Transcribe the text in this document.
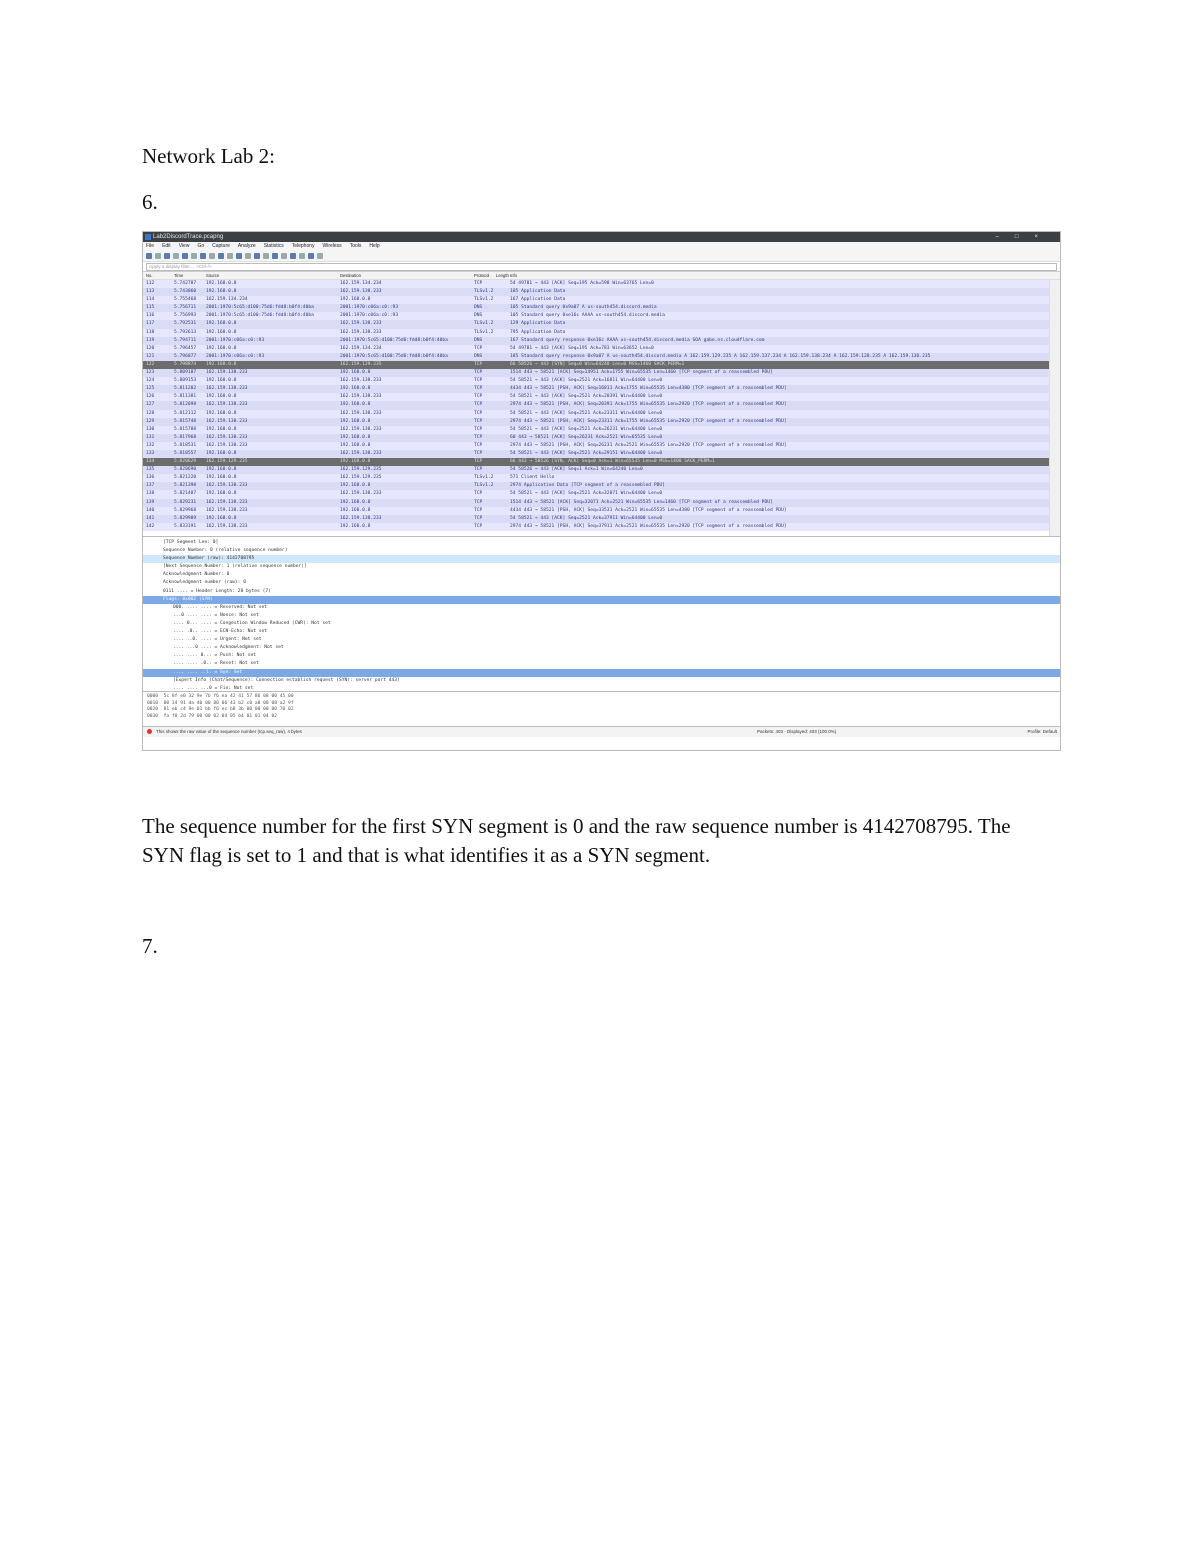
Network Lab 2:
6.
Lab2DiscordTrace.pcapng	–□×
File Edit View Go Capture Analyze Statistics Telephony Wireless Tools Help
Apply a display filter ... <Ctrl-/>
No.	Time	Source	Destination	Protocol	Length Info
112	5.742787	192.168.0.8	162.159.134.234	TCP	54 49781 → 443 [ACK] Seq=195 Ack=598 Win=63765 Len=0
113	5.743060	192.168.0.8	162.159.138.233	TLSv1.2	185 Application Data
114	5.755468	162.159.134.234	192.168.0.8	TLSv1.2	167 Application Data
115	5.756711	2001:1970:5c65:d100:75d6:fdd8:b0f4:40ba	2001:1970:c06a:c0::93	DNS	105 Standard query 0x9a07 A us-south454.discord.media
116	5.756993	2001:1970:5c65:d100:75d6:fdd8:b0f4:40ba	2001:1970:c06a:c0::93	DNS	105 Standard query 0xe16c AAAA us-south454.discord.media
117	5.792531	192.168.0.8	162.159.138.233	TLSv1.2	129 Application Data
118	5.792613	192.168.0.8	162.159.138.233	TLSv1.2	795 Application Data
119	5.794711	2001:1970:c06a:c0::93	2001:1970:5c65:d100:75d6:fdd8:b0f4:40ba	DNS	167 Standard query response 0xe16c AAAA us-south454.discord.media SOA gabe.ns.cloudflare.com
120	5.796457	192.168.0.8	162.159.134.234	TCP	54 49781 → 443 [ACK] Seq=195 Ack=783 Win=63652 Len=0
121	5.796877	2001:1970:c06a:c0::93	2001:1970:5c65:d100:75d6:fdd8:b0f4:40ba	DNS	185 Standard query response 0x9a07 A us-south454.discord.media A 162.159.129.235 A 162.159.137.234 A 162.159.138.234 A 162.159.128.235 A 162.159.130.235
122	5.798874	192.168.0.8	162.159.129.235	TCP	66 58526 → 443 [SYN] Seq=0 Win=64240 Len=0 MSS=1460 SACK_PERM=1
123	5.809187	162.159.138.233	192.168.0.8	TCP	1514 443 → 58521 [ACK] Seq=14951 Ack=1755 Win=65535 Len=1460 [TCP segment of a reassembled PDU]
124	5.809153	192.168.0.8	162.159.138.233	TCP	54 58521 → 443 [ACK] Seq=2521 Ack=16811 Win=64400 Len=0
125	5.811202	162.159.138.233	192.168.0.8	TCP	4434 443 → 58521 [PSH, ACK] Seq=16811 Ack=1755 Win=65535 Len=4380 [TCP segment of a reassembled PDU]
126	5.811381	192.168.0.8	162.159.138.233	TCP	54 58521 → 443 [ACK] Seq=2521 Ack=20391 Win=64400 Len=0
127	5.812098	162.159.138.233	192.168.0.8	TCP	2974 443 → 58521 [PSH, ACK] Seq=20391 Ack=1755 Win=65535 Len=2920 [TCP segment of a reassembled PDU]
128	5.812112	192.168.0.8	162.159.138.233	TCP	54 58521 → 443 [ACK] Seq=2521 Ack=23311 Win=64400 Len=0
129	5.815748	162.159.138.233	192.168.0.8	TCP	2974 443 → 58521 [PSH, ACK] Seq=23311 Ack=1755 Win=65535 Len=2920 [TCP segment of a reassembled PDU]
130	5.815788	192.168.0.8	162.159.138.233	TCP	54 58521 → 443 [ACK] Seq=2521 Ack=26231 Win=64400 Len=0
131	5.817968	162.159.138.233	192.168.0.8	TCP	60 443 → 58521 [ACK] Seq=26231 Ack=2521 Win=65535 Len=0
132	5.818531	162.159.138.233	192.168.0.8	TCP	2974 443 → 58521 [PSH, ACK] Seq=26231 Ack=2521 Win=65535 Len=2920 [TCP segment of a reassembled PDU]
133	5.818557	192.168.0.8	162.159.138.233	TCP	54 58521 → 443 [ACK] Seq=2521 Ack=29151 Win=64400 Len=0
134	5.820629	162.159.129.235	192.168.0.8	TCP	66 443 → 58526 [SYN, ACK] Seq=0 Ack=1 Win=65535 Len=0 MSS=1400 SACK_PERM=1
135	5.820690	192.168.0.8	162.159.129.235	TCP	54 58526 → 443 [ACK] Seq=1 Ack=1 Win=64240 Len=0
136	5.821220	192.168.0.8	162.159.129.235	TLSv1.2	571 Client Hello
137	5.821398	162.159.138.233	192.168.0.8	TLSv1.2	2974 Application Data [TCP segment of a reassembled PDU]
138	5.821487	192.168.0.8	162.159.138.233	TCP	54 58521 → 443 [ACK] Seq=2521 Ack=32071 Win=64400 Len=0
139	5.829231	162.159.138.233	192.168.0.8	TCP	1514 443 → 58521 [ACK] Seq=32071 Ack=2521 Win=65535 Len=1460 [TCP segment of a reassembled PDU]
140	5.829968	162.159.138.233	192.168.0.8	TCP	4434 443 → 58521 [PSH, ACK] Seq=33531 Ack=2521 Win=65535 Len=4380 [TCP segment of a reassembled PDU]
141	5.829989	192.168.0.8	162.159.138.233	TCP	54 58521 → 443 [ACK] Seq=2521 Ack=37911 Win=64400 Len=0
142	5.833191	162.159.138.233	192.168.0.8	TCP	2974 443 → 58521 [PSH, ACK] Seq=37911 Ack=2521 Win=65535 Len=2920 [TCP segment of a reassembled PDU]
[TCP Segment Len: 0]
Sequence Number: 0 (relative sequence number)
Sequence Number (raw): 4142708795
[Next Sequence Number: 1 (relative sequence number)]
Acknowledgment Number: 0
Acknowledgment number (raw): 0
0111 .... = Header Length: 28 bytes (7)
Flags: 0x002 (SYN)
000. .... .... = Reserved: Not set
...0 .... .... = Nonce: Not set
.... 0... .... = Congestion Window Reduced (CWR): Not set
.... .0.. .... = ECN-Echo: Not set
.... ..0. .... = Urgent: Not set
.... ...0 .... = Acknowledgment: Not set
.... .... 0... = Push: Not set
.... .... .0.. = Reset: Not set
.... .... ..1. = Syn: Set
[Expert Info (Chat/Sequence): Connection establish request (SYN): server port 443]
.... .... ...0 = Fin: Not set
0000  5c 8f e0 32 9e 7b f6 ea 42 41 57 86 08 00 45 00
0010  00 34 91 da 40 00 80 06 43 b2 c0 a8 00 08 a2 9f
0020  81 eb c4 9e 01 bb f6 ec b8 3b 00 00 00 00 70 02
0030  fa f0 2d 79 00 00 02 04 05 b4 01 01 04 02
This shows the raw value of the sequence number (tcp.seq_raw), 4 bytes	Packets: 403 · Displayed: 403 (100.0%)	Profile: Default
The sequence number for the first SYN segment is 0 and the raw sequence number is 4142708795. The SYN flag is set to 1 and that is what identifies it as a SYN segment.
7.
